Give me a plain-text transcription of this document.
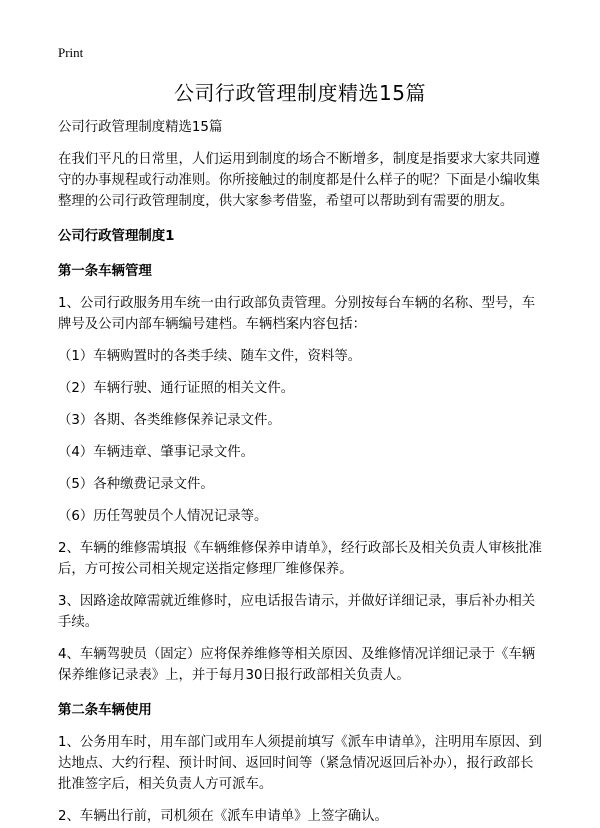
Print

公司行政管理制度精选15篇

公司行政管理制度精选15篇

在我们平凡的日常里，人们运用到制度的场合不断增多，制度是指要求大家共同遵守的办事规程或行动准则。你所接触过的制度都是什么样子的呢？下面是小编收集整理的公司行政管理制度，供大家参考借鉴，希望可以帮助到有需要的朋友。

公司行政管理制度1

第一条车辆管理

1、公司行政服务用车统一由行政部负责管理。分别按每台车辆的名称、型号，车牌号及公司内部车辆编号建档。车辆档案内容包括：

（1）车辆购置时的各类手续、随车文件，资料等。

（2）车辆行驶、通行证照的相关文件。

（3）各期、各类维修保养记录文件。

（4）车辆违章、肇事记录文件。

（5）各种缴费记录文件。

（6）历任驾驶员个人情况记录等。

2、车辆的维修需填报《车辆维修保养申请单》，经行政部长及相关负责人审核批准后，方可按公司相关规定送指定修理厂维修保养。

3、因路途故障需就近维修时，应电话报告请示，并做好详细记录，事后补办相关手续。

4、车辆驾驶员（固定）应将保养维修等相关原因、及维修情况详细记录于《车辆保养维修记录表》上，并于每月30日报行政部相关负责人。

第二条车辆使用

1、公务用车时，用车部门或用车人须提前填写《派车申请单》，注明用车原因、到达地点、大约行程、预计时间、返回时间等（紧急情况返回后补办），报行政部长批准签字后，相关负责人方可派车。

2、车辆出行前，司机须在《派车申请单》上签字确认。
